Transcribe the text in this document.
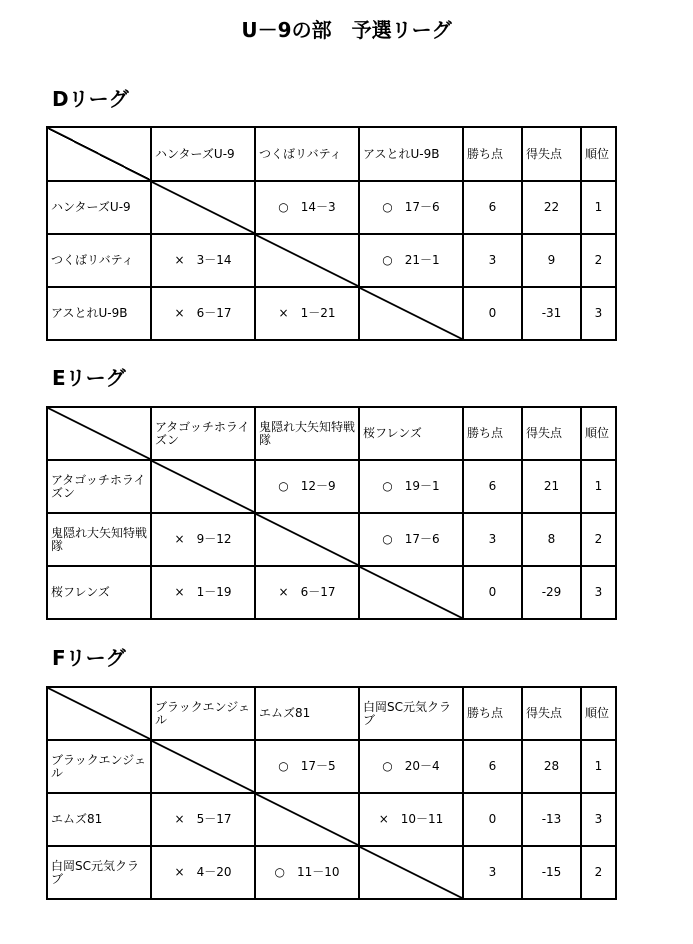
U－9の部　予選リーグ
Dリーグ
	ハンターズU-9	つくばリバティ	アスとれU-9B	勝ち点	得失点	順位
ハンターズU-9		○　14－3	○　17－6	6	22	1
つくばリバティ	×　3－14		○　21－1	3	9	2
アスとれU-9B	×　6－17	×　1－21		0	-31	3
Eリーグ
	アタゴッチホライズン	鬼隠れ大矢知特戦隊	桜フレンズ	勝ち点	得失点	順位
アタゴッチホライズン		○　12－9	○　19－1	6	21	1
鬼隠れ大矢知特戦隊	×　9－12		○　17－6	3	8	2
桜フレンズ	×　1－19	×　6－17		0	-29	3
Fリーグ
	ブラックエンジェル	エムズ81	白岡SC元気クラブ	勝ち点	得失点	順位
ブラックエンジェル		○　17－5	○　20－4	6	28	1
エムズ81	×　5－17		×　10－11	0	-13	3
白岡SC元気クラブ	×　4－20	○　11－10		3	-15	2
